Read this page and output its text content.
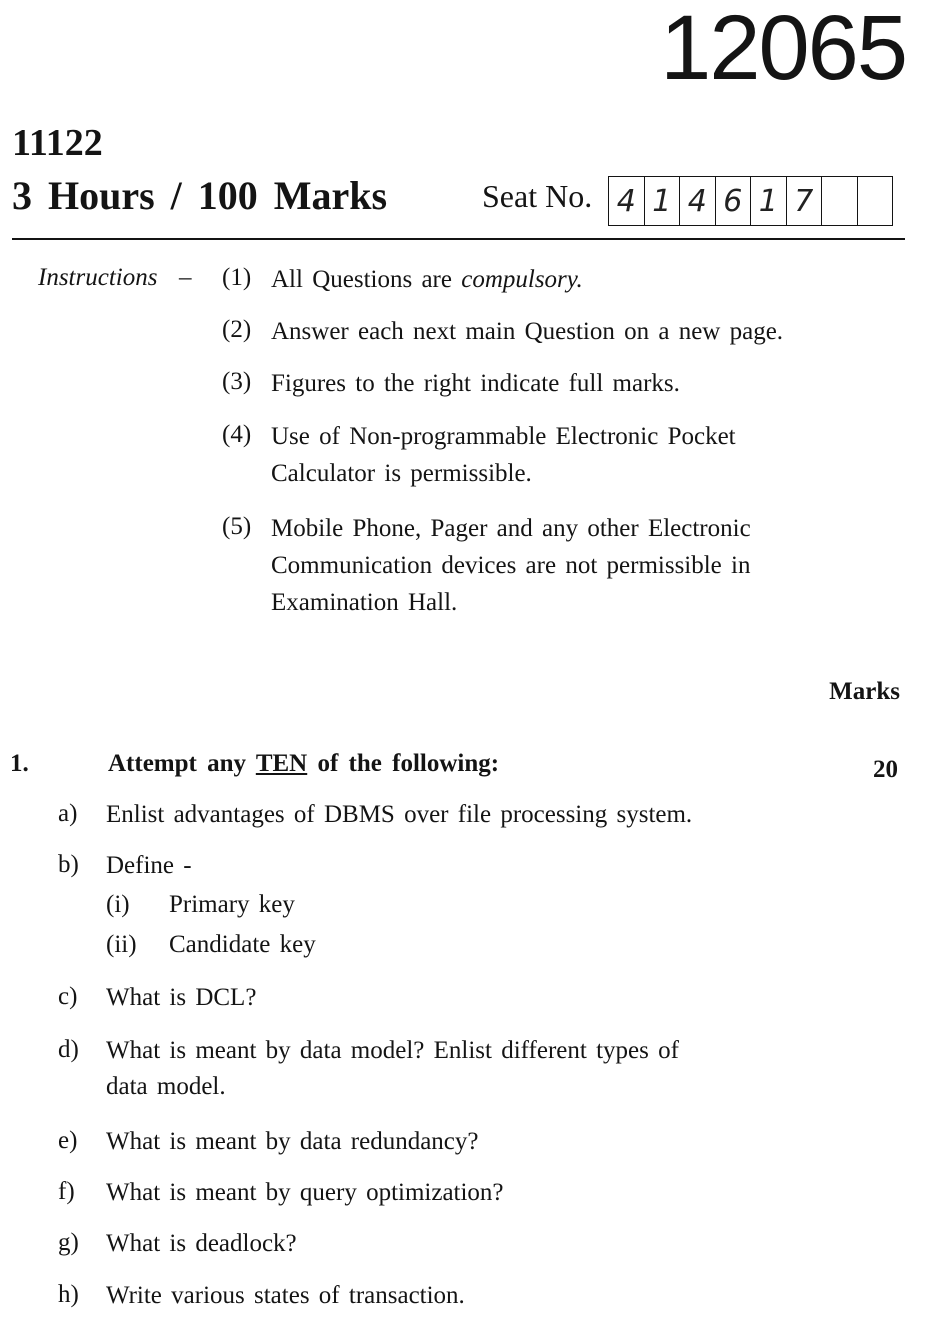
12065
11122
3 Hours / 100 Marks	Seat No. 4 1 4 6 1 7
Instructions – (1) All Questions are compulsory.
(2) Answer each next main Question on a new page.
(3) Figures to the right indicate full marks.
(4) Use of Non-programmable Electronic Pocket
Calculator is permissible.
(5) Mobile Phone, Pager and any other Electronic
Communication devices are not permissible in
Examination Hall.
Marks
1.	Attempt any TEN of the following:	20
a) Enlist advantages of DBMS over file processing system.
b) Define -
(i) Primary key
(ii) Candidate key
c) What is DCL?
d) What is meant by data model? Enlist different types of
data model.
e) What is meant by data redundancy?
f) What is meant by query optimization?
g) What is deadlock?
h) Write various states of transaction.
